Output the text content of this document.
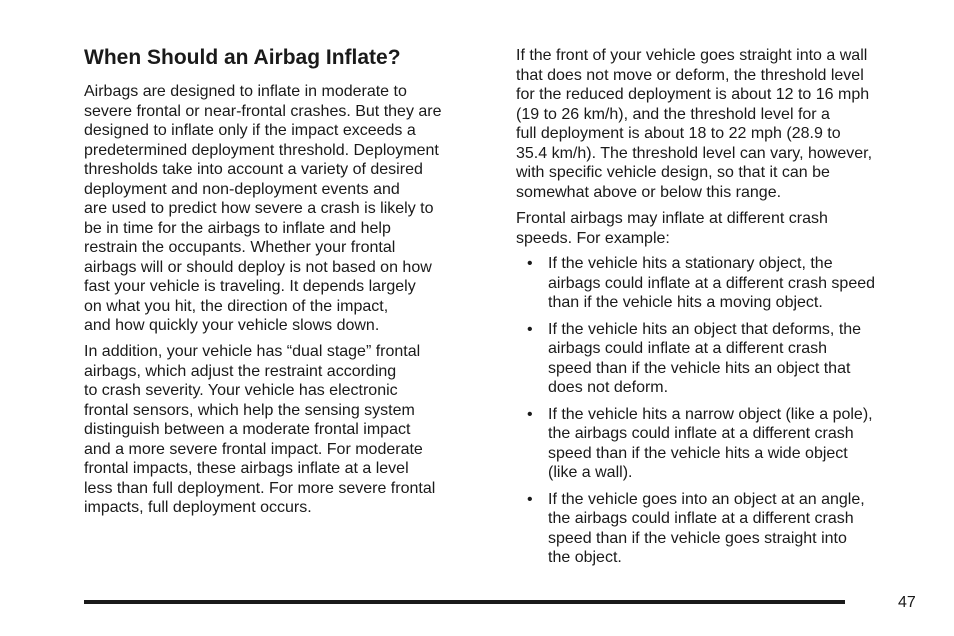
When Should an Airbag Inflate?

Airbags are designed to inflate in moderate to
severe frontal or near-frontal crashes. But they are
designed to inflate only if the impact exceeds a
predetermined deployment threshold. Deployment
thresholds take into account a variety of desired
deployment and non-deployment events and
are used to predict how severe a crash is likely to
be in time for the airbags to inflate and help
restrain the occupants. Whether your frontal
airbags will or should deploy is not based on how
fast your vehicle is traveling. It depends largely
on what you hit, the direction of the impact,
and how quickly your vehicle slows down.

In addition, your vehicle has “dual stage” frontal
airbags, which adjust the restraint according
to crash severity. Your vehicle has electronic
frontal sensors, which help the sensing system
distinguish between a moderate frontal impact
and a more severe frontal impact. For moderate
frontal impacts, these airbags inflate at a level
less than full deployment. For more severe frontal
impacts, full deployment occurs.

If the front of your vehicle goes straight into a wall
that does not move or deform, the threshold level
for the reduced deployment is about 12 to 16 mph
(19 to 26 km/h), and the threshold level for a
full deployment is about 18 to 22 mph (28.9 to
35.4 km/h). The threshold level can vary, however,
with specific vehicle design, so that it can be
somewhat above or below this range.

Frontal airbags may inflate at different crash
speeds. For example:

• If the vehicle hits a stationary object, the
airbags could inflate at a different crash speed
than if the vehicle hits a moving object.
• If the vehicle hits an object that deforms, the
airbags could inflate at a different crash
speed than if the vehicle hits an object that
does not deform.
• If the vehicle hits a narrow object (like a pole),
the airbags could inflate at a different crash
speed than if the vehicle hits a wide object
(like a wall).
• If the vehicle goes into an object at an angle,
the airbags could inflate at a different crash
speed than if the vehicle goes straight into
the object.
47
